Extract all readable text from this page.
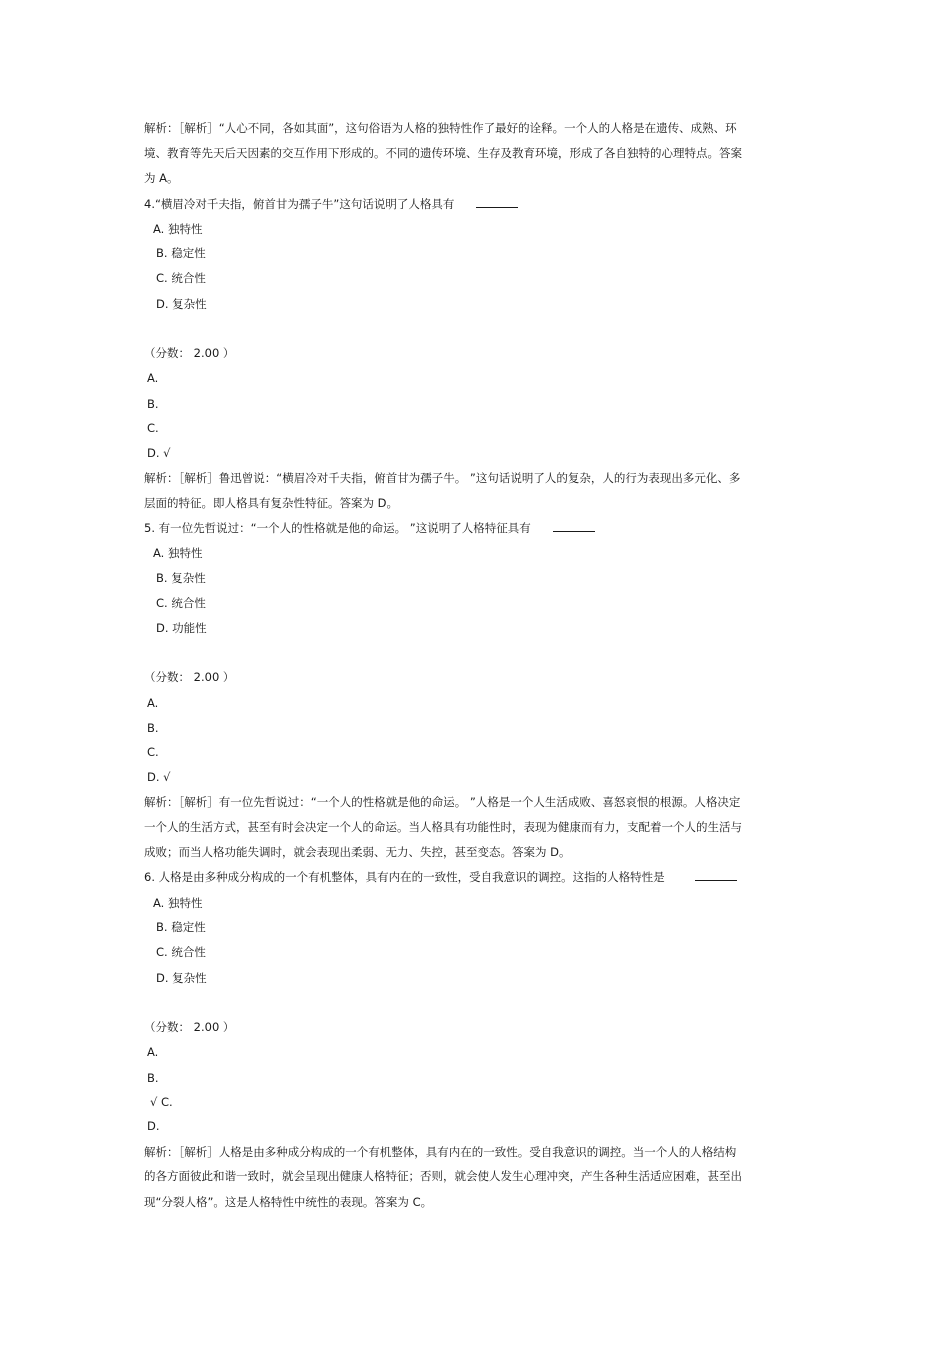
解析：［解析］“人心不同，各如其面”，这句俗语为人格的独特性作了最好的诠释。一个人的人格是在遗传、成熟、环
境、教育等先天后天因素的交互作用下形成的。不同的遗传环境、生存及教育环境，形成了各自独特的心理特点。答案
为 A。
4.“横眉冷对千夫指，俯首甘为孺子牛”这句话说明了人格具有
A. 独特性
B. 稳定性
C. 统合性
D. 复杂性
（分数： 2.00 ）
A.
B.
C.
D. √
解析：［解析］鲁迅曾说：“横眉冷对千夫指，俯首甘为孺子牛。 ”这句话说明了人的复杂，人的行为表现出多元化、多
层面的特征。即人格具有复杂性特征。答案为 D。
5. 有一位先哲说过：“一个人的性格就是他的命运。 ”这说明了人格特征具有
A. 独特性
B. 复杂性
C. 统合性
D. 功能性
（分数： 2.00 ）
A.
B.
C.
D. √
解析：［解析］有一位先哲说过：“一个人的性格就是他的命运。 ”人格是一个人生活成败、喜怒哀恨的根源。人格决定
一个人的生活方式，甚至有时会决定一个人的命运。当人格具有功能性时，表现为健康而有力，支配着一个人的生活与
成败；而当人格功能失调时，就会表现出柔弱、无力、失控，甚至变态。答案为 D。
6. 人格是由多种成分构成的一个有机整体，具有内在的一致性，受自我意识的调控。这指的人格特性是
A. 独特性
B. 稳定性
C. 统合性
D. 复杂性
（分数： 2.00 ）
A.
B.
√ C.
D.
解析：［解析］人格是由多种成分构成的一个有机整体，具有内在的一致性。受自我意识的调控。当一个人的人格结构
的各方面彼此和谐一致时，就会呈现出健康人格特征；否则，就会使人发生心理冲突，产生各种生活适应困难，甚至出
现“分裂人格”。这是人格特性中统性的表现。答案为 C。
